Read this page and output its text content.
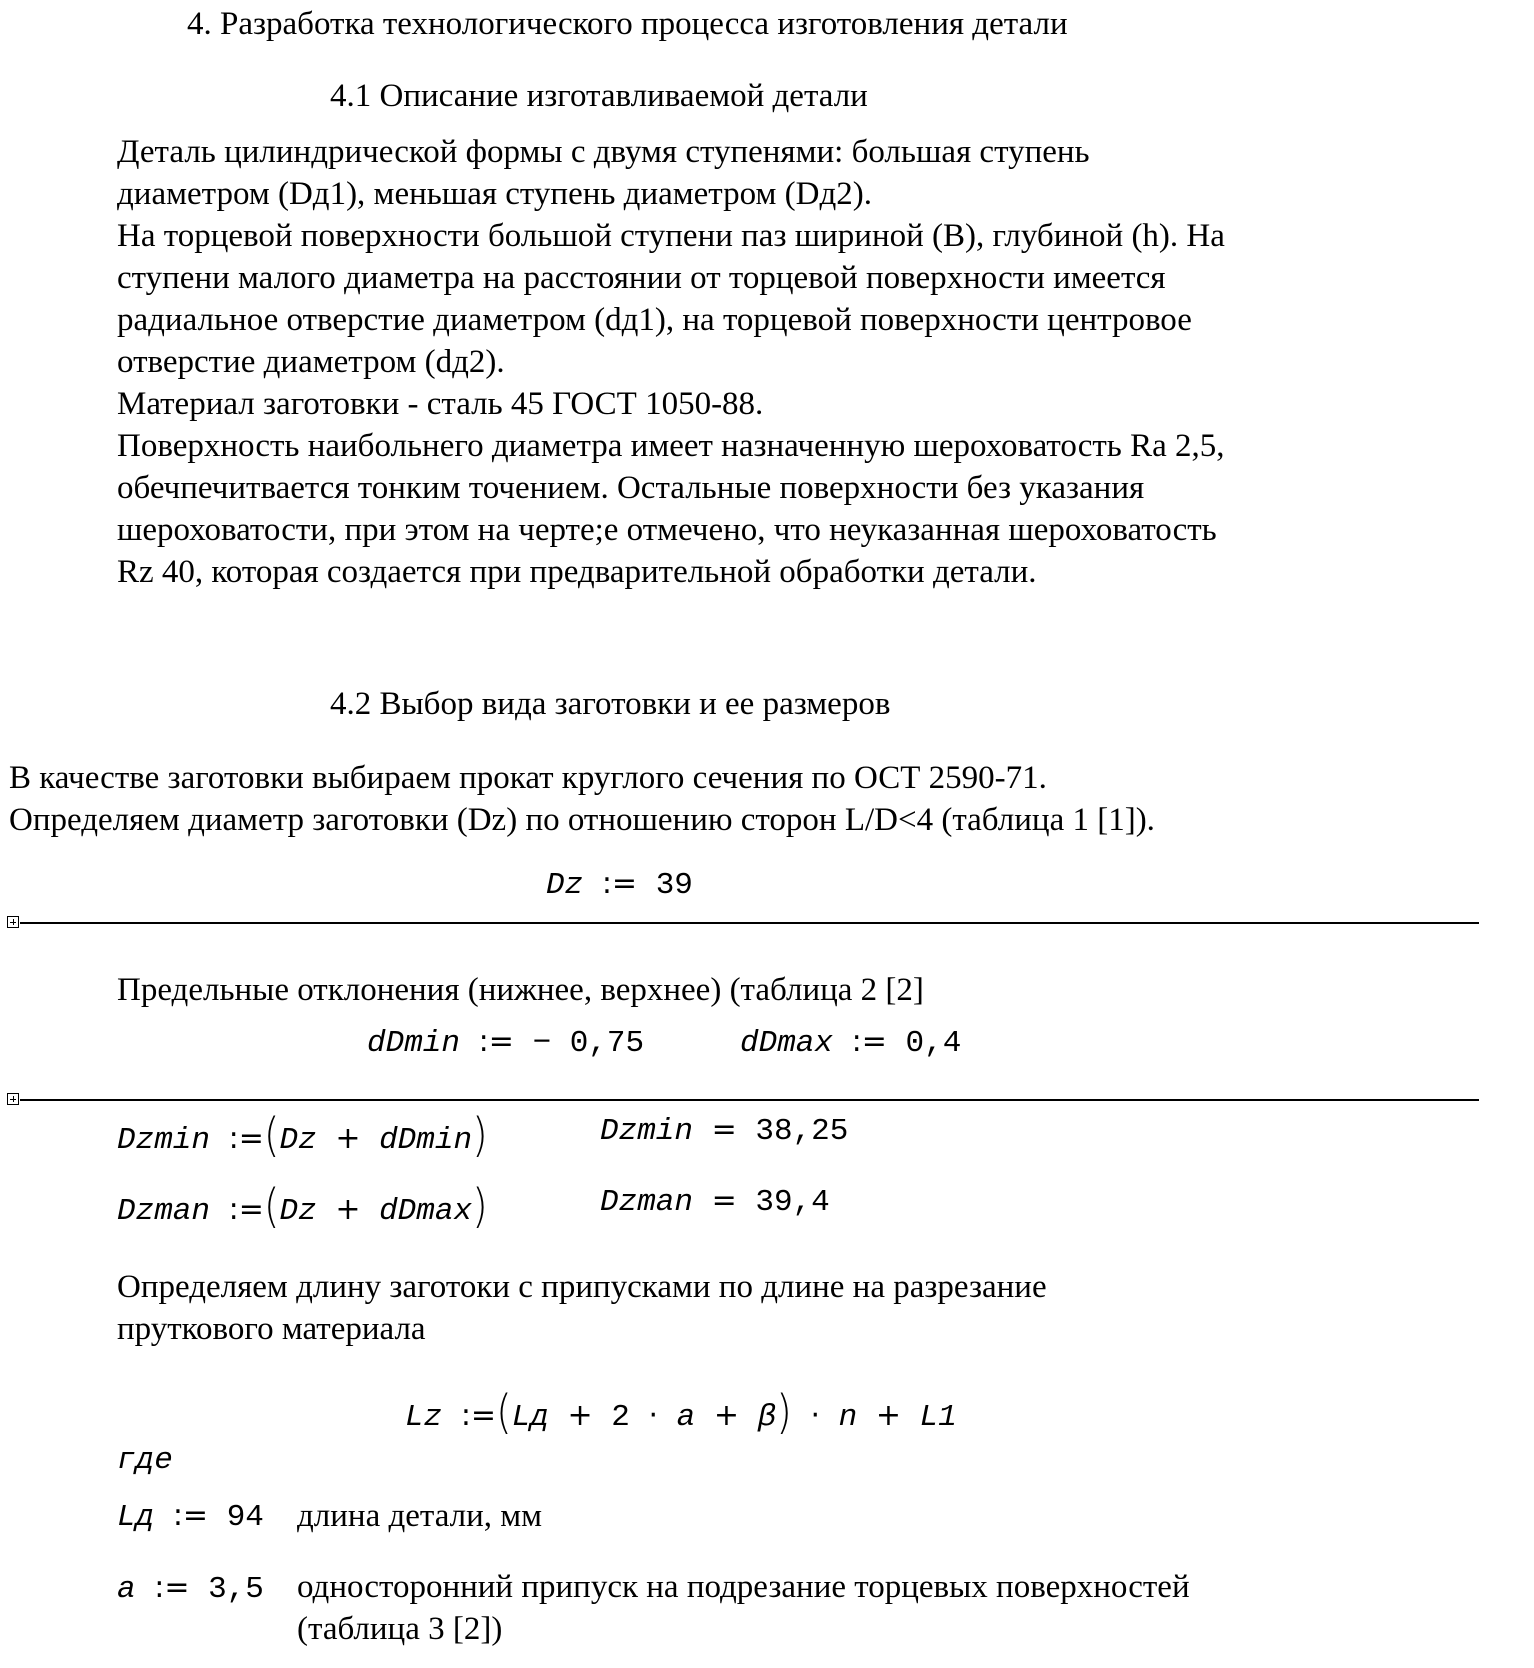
4. Разработка технологического процесса изготовления детали
4.1 Описание изготавливаемой детали
Деталь цилиндрической формы с двумя ступенями: большая ступень
диаметром (Dд1), меньшая ступень диаметром (Dд2).
На торцевой поверхности большой ступени паз шириной (В), глубиной (h). На
ступени малого диаметра на расстоянии от торцевой поверхности имеется
радиальное отверстие диаметром (dд1), на торцевой поверхности центровое
отверстие диаметром (dд2).
Материал заготовки - сталь 45 ГОСТ 1050-88.
Поверхность наибольнего диаметра имеет назначенную шероховатость Ra 2,5,
обечпечитвается тонким точением. Остальные поверхности без указания
шероховатости, при этом на черте;е отмечено, что неуказанная шероховатость
Rz 40, которая создается при предварительной обработки детали.
4.2 Выбор вида заготовки и ее размеров
В качестве заготовки выбираем прокат круглого сечения по ОСТ 2590-71.
Определяем диаметр заготовки (Dz) по отношению сторон L/D<4 (таблица 1 [1]).
Dz := 39
Предельные отклонения (нижнее, верхнее) (таблица 2 [2]
dDmin := − 0,75	dDmax := 0,4
Dzmin :=(Dz + dDmin)	Dzmin = 38,25
Dzman :=(Dz + dDmax)	Dzman = 39,4
Определяем длину заготоки с припусками по длине на разрезание
пруткового материала
Lz :=(Lд + 2 · a + β) · n + L1
где
Lд := 94 длина детали, мм
a := 3,5 односторонний припуск на подрезание торцевых поверхностей
(таблица 3 [2])
